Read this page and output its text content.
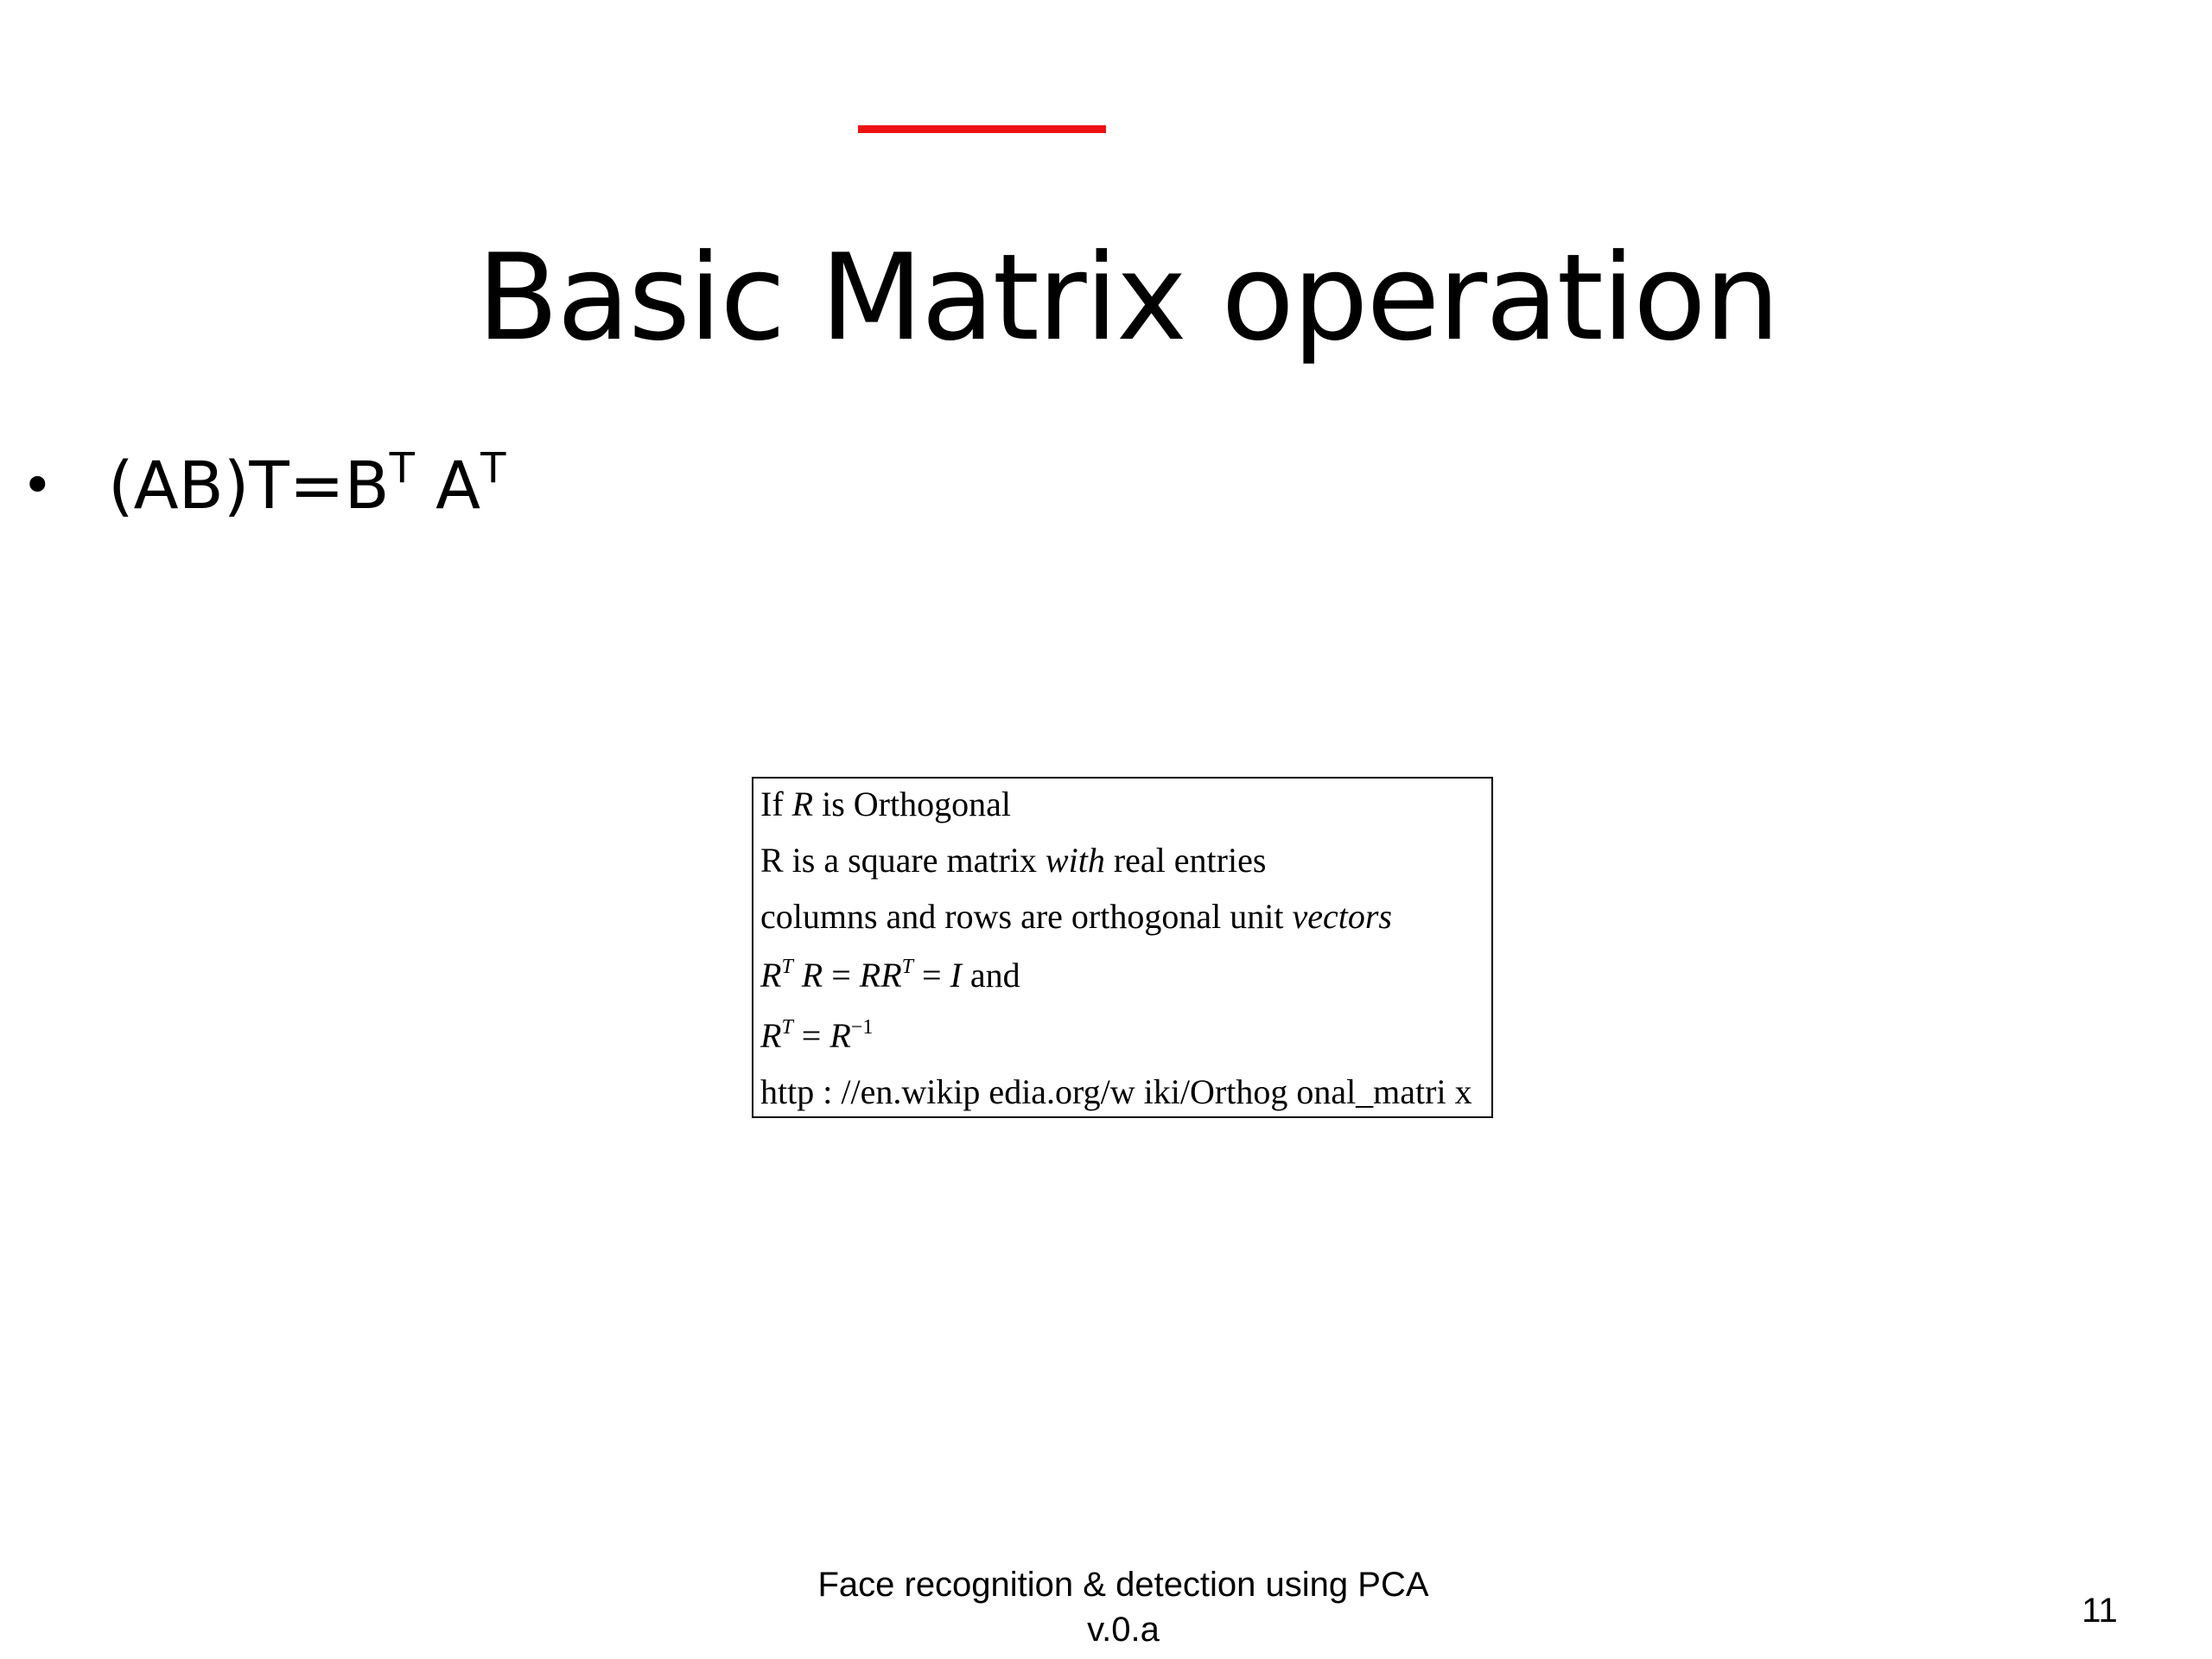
Basic Matrix operation
• $(AB)T=B^T$ $A^T$
If R is Orthogonal
R is a square matrix with real entries
columns and rows are orthogonal unit vectors
$R^T$ $R = RR^T = I$ and
$R^T = R^{-1}$
http : //en.wikip edia.org/w iki/Orthog onal_matri x
Face recognition & detection using PCA
v.0.a	11
